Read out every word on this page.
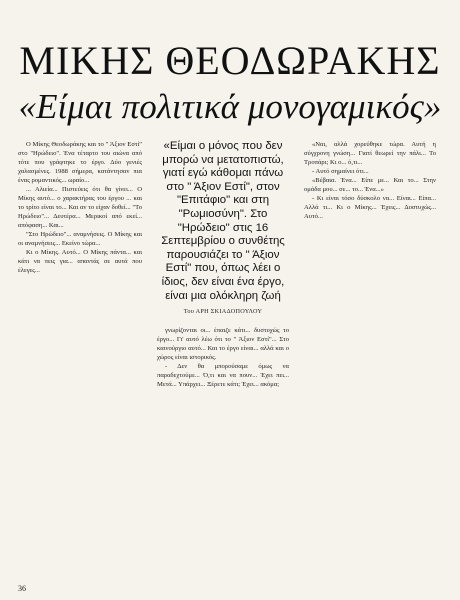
ΜΙΚΗΣ ΘΕΟΔΩΡΑΚΗΣ
«Είμαι πολιτικά μονογαμικός»

Ο Μίκης Θεοδωράκης και το " Άξιον Εστί" στο "Ηρώδειο". Ένα τέταρτο του αιώνα από τότε που γράφτηκε το έργο. Δύο γενιές χαλασμένες. 1988 σήμερα, κατάντησαν πια ένας ρομαντικός... ωραίο...

... Αλιεία... Πιστεύεις ότι θα γίνει... Ο Μίκης αυτό... ο χαρακτήρας του έργου ... και το τρίτο είναι το... Και αν το είχαν δοθεί... "Το Ηρώδειο"... Δευτέρα... Μερικοί από εκεί... απόφαση... Και...

"Στο Ηρώδειο"... αναμνήσεις. Ο Μίκης και οι αναμνήσεις... Εκείνο τώρα...

Κι ο Μίκης. Αυτό... Ο Μίκης πάντα... και κάτι να πεις για... απαντάς σε αυτά που έλεγες...

«Είμαι ο μόνος που δεν μπορώ να μετατοπιστώ, γιατί εγώ κάθομαι πάνω στο " Άξιον Εστί", στον "Επιτάφιο" και στη "Ρωμιοσύνη". Στο "Ηρώδειο" στις 16 Σεπτεμβρίου ο συνθέτης παρουσιάζει το " Άξιον Εστί" που, όπως λέει ο ίδιος, δεν είναι ένα έργο, είναι μια ολόκληρη ζωή

Του ΑΡΗ ΣΚΙΑΔΟΠΟΥΛΟΥ

γνωρίζονται οι... έπαιζε κάτι... δυστυχώς το έργο... Γι' αυτό λέω ότι το " Άξιον Εστί"... Στο καινούργιο αυτό... Και το έργο είναι... αλλά και ο χώρος είναι ιστορικός.

- Δεν θα μπορούσαμε όμως να παραδεχτούμε... Ό,τι και να πουν... Έχει πει... Μετά... Υπάρχει... Ξέρετε κάτι; Έχει... ακόμα;

«Ναι, αλλά χορεύθηκε τώρα. Αυτή η σύγχρονη γνώση... Γιατί θεωρεί την πάλι... Το Τροπάρι; Κι ο... ό,τι...

- Αυτό σημαίνει ότι...

«Βέβαια. Ένα... Είπε με... Και το... Στην ομάδα μου... σε... το... Ένα...»

- Κι είναι τόσο δύσκολο να... Είναι... Είπα... Αλλά τι... Κι ο Μίκης... Έχεις... Δυστυχώς... Αυτό...

36
